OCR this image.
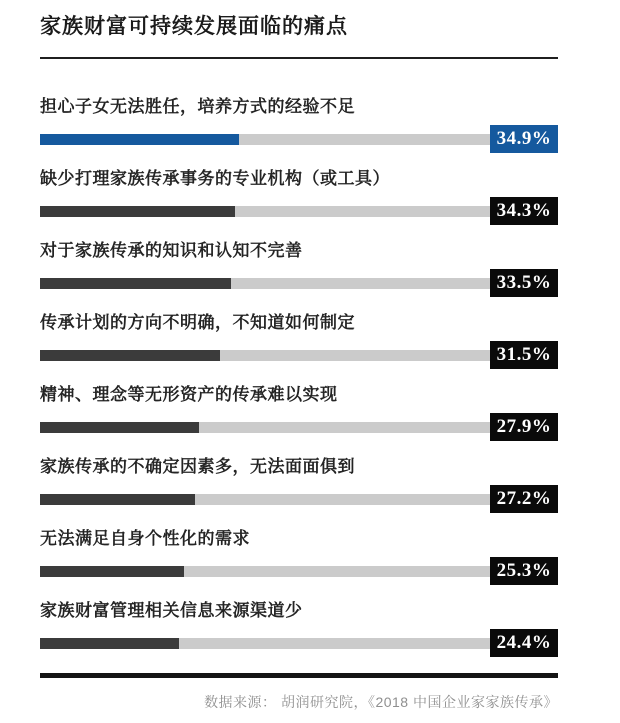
家族财富可持续发展面临的痛点
担心子女无法胜任，培养方式的经验不足
34.9%
缺少打理家族传承事务的专业机构（或工具）
34.3%
对于家族传承的知识和认知不完善
33.5%
传承计划的方向不明确，不知道如何制定
31.5%
精神、理念等无形资产的传承难以实现
27.9%
家族传承的不确定因素多，无法面面俱到
27.2%
无法满足自身个性化的需求
25.3%
家族财富管理相关信息来源渠道少
24.4%
数据来源： 胡润研究院，《2018 中国企业家家族传承》
